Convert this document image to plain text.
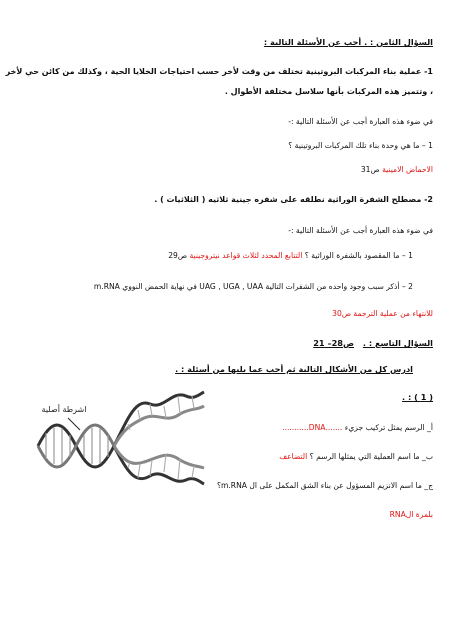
السؤال الثامن : . أجب عن الأسئلة التالية :
1- عملية بناء المركبات البروتينية تختلف من وقت لأخر حسب احتياجات الخلايا الحية ، وكذلك من كائن حي لأخر
، وتتميز هذه المركبات بأنها سلاسل مختلفة الأطوال .
في ضوء هذه العبارة أجب عن الأسئلة التالية :-
1 – ما هي وحدة بناء تلك المركبات البروتينية ؟
الاحماض الامينية ص31
2- مصطلح الشفرة الوراثية نطلقه على شفره جينية ثلاثيه ( الثلاثيات ) .
في ضوء هذه العبارة أجب عن الأسئلة التالية :-
1 – ما المقصود بالشفرة الوراثية ؟ التتابع المحدد لثلاث قواعد نيتروجينية ص29
2 – أذكر سبب وجود واحده من الشفرات التالية UAG , UGA , UAA في نهاية الحمض النووي m.RNA
للانتهاء من عملية الترجمة ص30
السؤال التاسع : . ص28– 21
ادرس كل من الأشكال التالية ثم أجب عما يليها من أسئلة : .
( 1 ) : .
اشرطة أصلية
أ_ الرسم يمثل تركيب جزيء .......DNA...........
ب_ ما اسم العملية التي يمثلها الرسم ؟ التضاعف
ج_ ما اسم الانزيم المسؤول عن بناء الشق المكمل على ال m.RNA؟
بلمرة الRNA
